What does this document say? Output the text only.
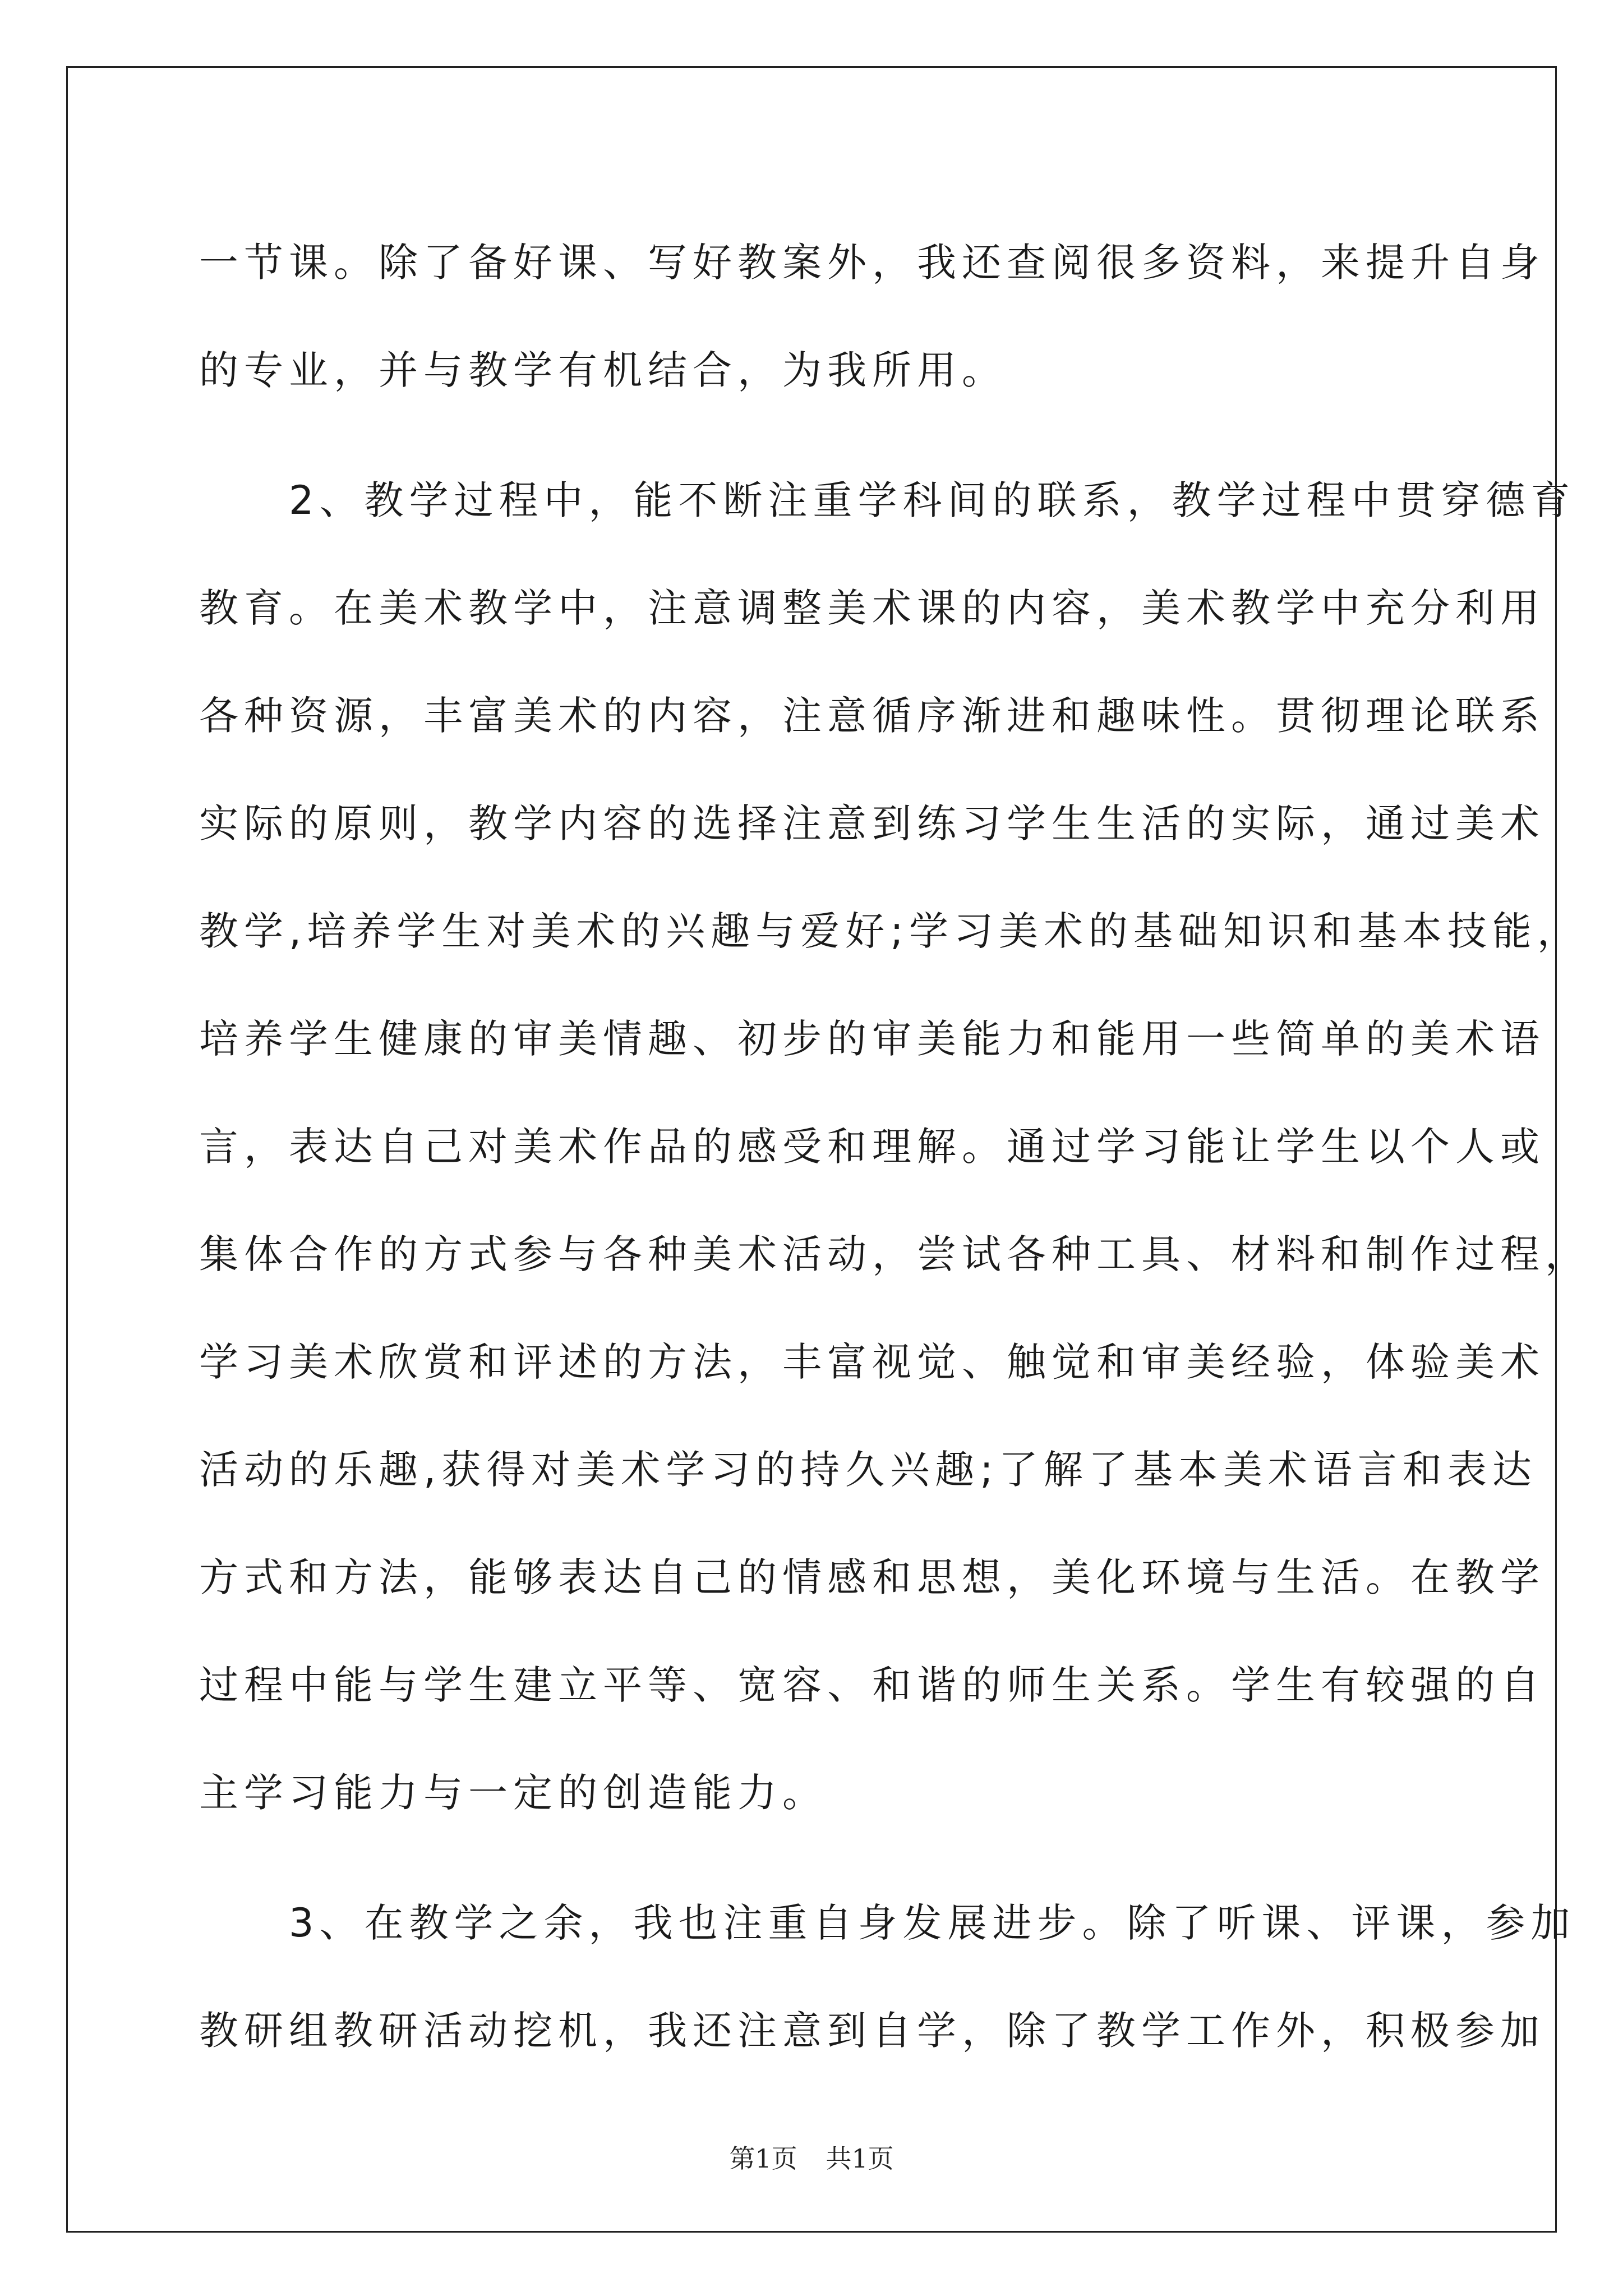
一节课。除了备好课、写好教案外，我还查阅很多资料，来提升自身
的专业，并与教学有机结合，为我所用。
　　2、教学过程中，能不断注重学科间的联系，教学过程中贯穿德育
教育。在美术教学中，注意调整美术课的内容，美术教学中充分利用
各种资源，丰富美术的内容，注意循序渐进和趣味性。贯彻理论联系
实际的原则，教学内容的选择注意到练习学生生活的实际，通过美术
教学,培养学生对美术的兴趣与爱好;学习美术的基础知识和基本技能，
培养学生健康的审美情趣、初步的审美能力和能用一些简单的美术语
言，表达自己对美术作品的感受和理解。通过学习能让学生以个人或
集体合作的方式参与各种美术活动，尝试各种工具、材料和制作过程，
学习美术欣赏和评述的方法，丰富视觉、触觉和审美经验，体验美术
活动的乐趣,获得对美术学习的持久兴趣;了解了基本美术语言和表达
方式和方法，能够表达自己的情感和思想，美化环境与生活。在教学
过程中能与学生建立平等、宽容、和谐的师生关系。学生有较强的自
主学习能力与一定的创造能力。
　　3、在教学之余，我也注重自身发展进步。除了听课、评课，参加
教研组教研活动挖机，我还注意到自学，除了教学工作外，积极参加
第1页 共1页
